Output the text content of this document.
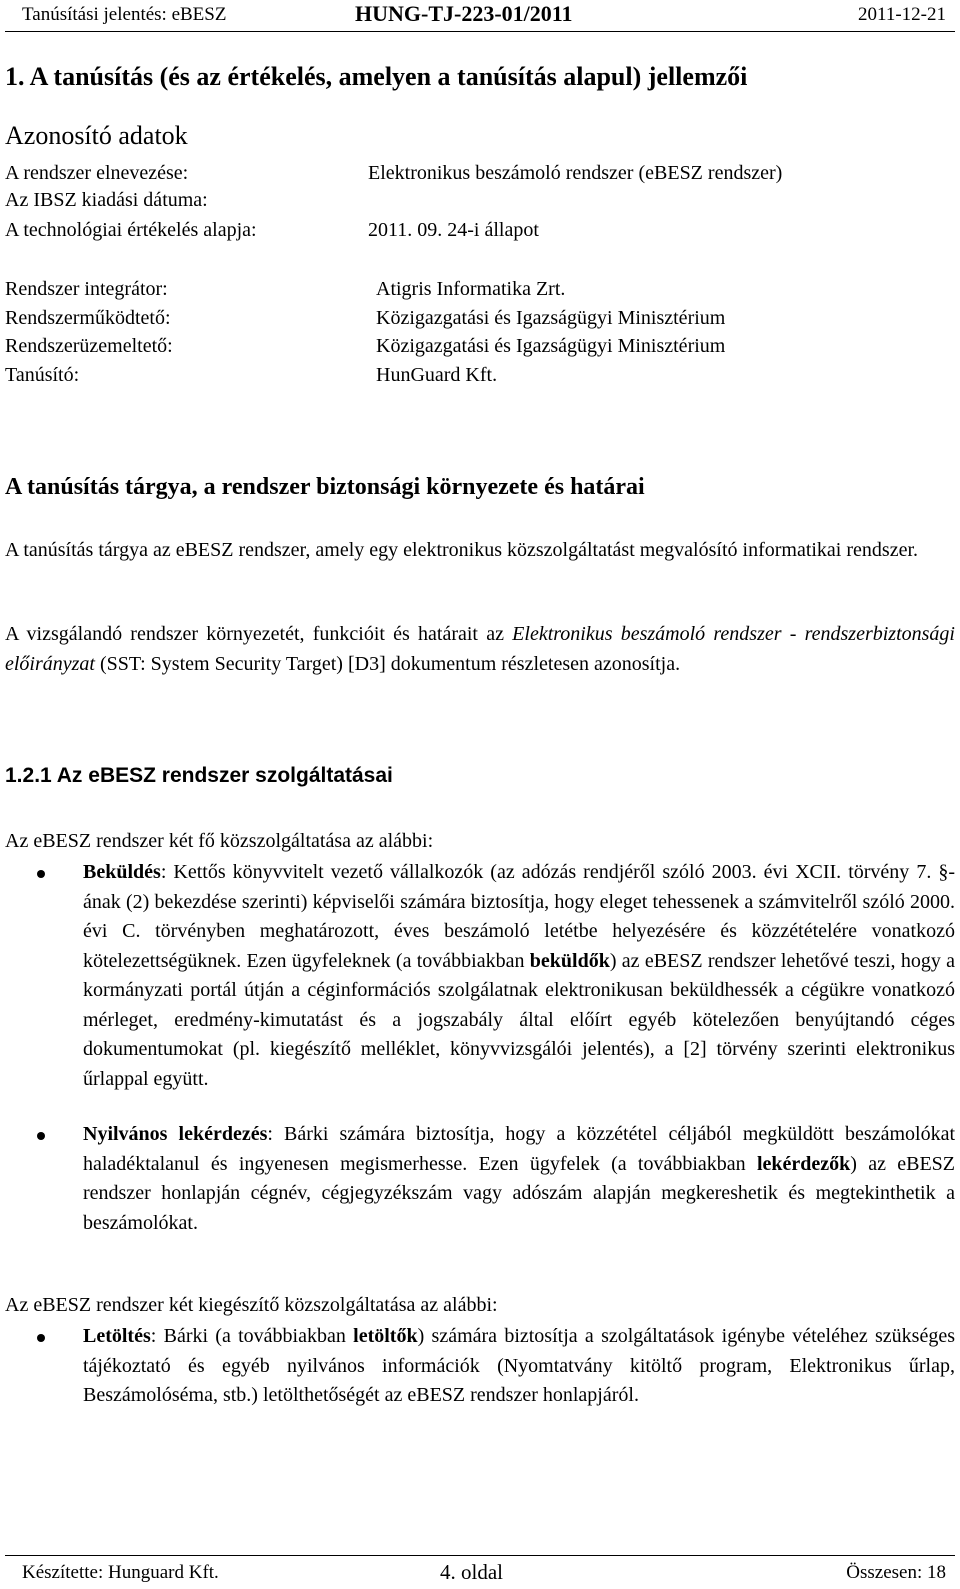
Tanúsítási jelentés: eBESZ	HUNG-TJ-223-01/2011	2011-12-21
1. A tanúsítás (és az értékelés, amelyen a tanúsítás alapul) jellemzői
Azonosító adatok
A rendszer elnevezése:	Elektronikus beszámoló rendszer (eBESZ rendszer)
Az IBSZ kiadási dátuma:
A technológiai értékelés alapja:	2011. 09. 24-i állapot
Rendszer integrátor:	Atigris Informatika Zrt.
Rendszerműködtető:	Közigazgatási és Igazságügyi Minisztérium
Rendszerüzemeltető:	Közigazgatási és Igazságügyi Minisztérium
Tanúsító:	HunGuard Kft.
A tanúsítás tárgya, a rendszer biztonsági környezete és határai

A tanúsítás tárgya az eBESZ rendszer, amely egy elektronikus közszolgáltatást megvalósító informatikai rendszer.

A vizsgálandó rendszer környezetét, funkcióit és határait az Elektronikus beszámoló rendszer - rendszerbiztonsági előirányzat (SST: System Security Target) [D3] dokumentum részletesen azonosítja.

1.2.1 Az eBESZ rendszer szolgáltatásai
Az eBESZ rendszer két fő közszolgáltatása az alábbi:
Beküldés: Kettős könyvvitelt vezető vállalkozók (az adózás rendjéről szóló 2003. évi XCII. törvény 7. §-ának (2) bekezdése szerinti) képviselői számára biztosítja, hogy eleget tehessenek a számvitelről szóló 2000. évi C. törvényben meghatározott, éves beszámoló letétbe helyezésére és közzétételére vonatkozó kötelezettségüknek. Ezen ügyfeleknek (a továbbiakban beküldők) az eBESZ rendszer lehetővé teszi, hogy a kormányzati portál útján a céginformációs szolgálatnak elektronikusan beküldhessék a cégükre vonatkozó mérleget, eredmény-kimutatást és a jogszabály által előírt egyéb kötelezően benyújtandó céges dokumentumokat (pl. kiegészítő melléklet, könyvvizsgálói jelentés), a [2] törvény szerinti elektronikus űrlappal együtt.
Nyilvános lekérdezés: Bárki számára biztosítja, hogy a közzététel céljából megküldött beszámolókat haladéktalanul és ingyenesen megismerhesse. Ezen ügyfelek (a továbbiakban lekérdezők) az eBESZ rendszer honlapján cégnév, cégjegyzékszám vagy adószám alapján megkereshetik és megtekinthetik a beszámolókat.
Az eBESZ rendszer két kiegészítő közszolgáltatása az alábbi:
Letöltés: Bárki (a továbbiakban letöltők) számára biztosítja a szolgáltatások igénybe vételéhez szükséges tájékoztató és egyéb nyilvános információk (Nyomtatvány kitöltő program, Elektronikus űrlap, Beszámolóséma, stb.) letölthetőségét az eBESZ rendszer honlapjáról.
Készítette: Hunguard Kft.	4. oldal	Összesen: 18
